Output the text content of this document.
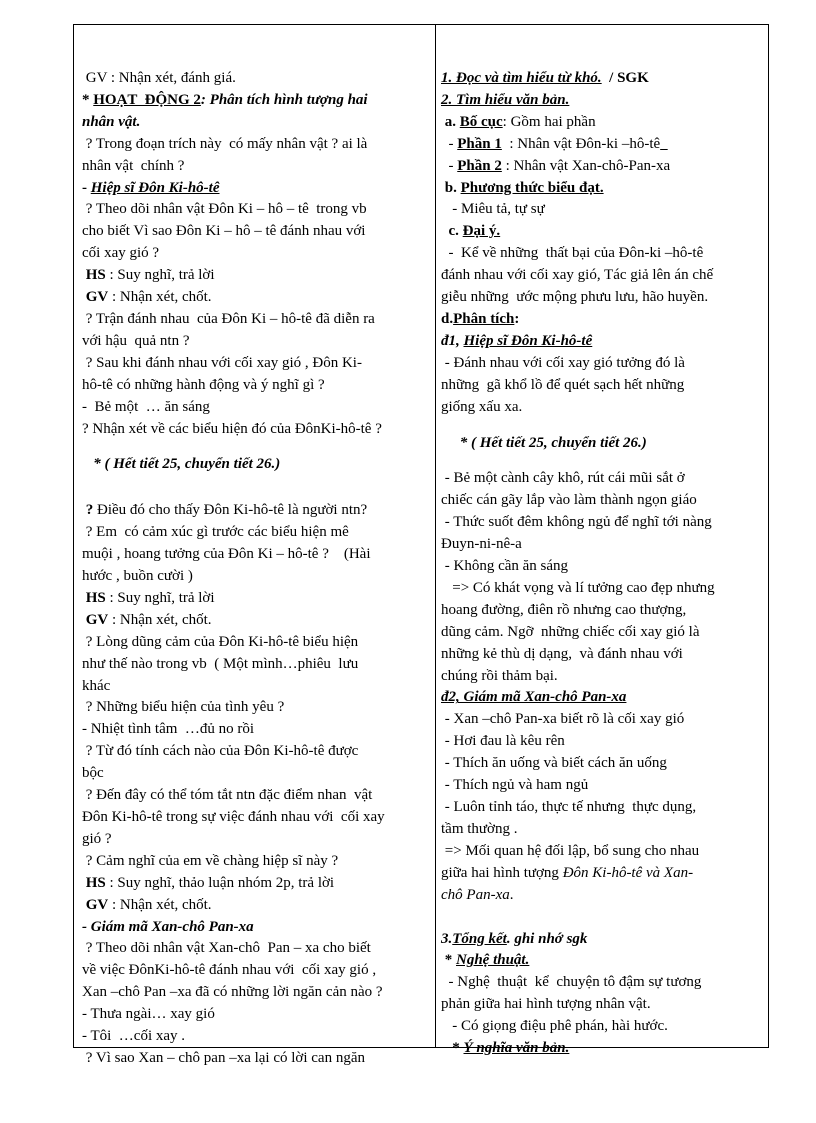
GV : Nhận xét, đánh giá.
* HOẠT  ĐỘNG 2: Phân tích hình tượng hai
nhân vật.
? Trong đoạn trích này  có mấy nhân vật ? ai là
nhân vật  chính ?
- Hiệp sĩ Đôn Ki-hô-tê
? Theo dõi nhân vật Đôn Ki – hô – tê  trong vb
cho biết Vì sao Đôn Ki – hô – tê đánh nhau với
cối xay gió ?
HS : Suy nghĩ, trả lời
GV : Nhận xét, chốt.
? Trận đánh nhau  của Đôn Ki – hô-tê đã diễn ra
với hậu  quả ntn ?
? Sau khi đánh nhau với cối xay gió , Đôn Ki-
hô-tê có những hành động và ý nghĩ gì ?
-  Bẻ một  … ăn sáng
? Nhận xét về các biểu hiện đó của ĐônKi-hô-tê ?
* ( Hết tiết 25, chuyển tiết 26.)
? Điều đó cho thấy Đôn Ki-hô-tê là người ntn?
? Em  có cảm xúc gì trước các biểu hiện mê
muội , hoang tưởng của Đôn Ki – hô-tê ?    (Hài
hước , buồn cười )
HS : Suy nghĩ, trả lời
GV : Nhận xét, chốt.
? Lòng dũng cảm của Đôn Ki-hô-tê biểu hiện
như thế nào trong vb  ( Một mình…phiêu  lưu
khác
? Những biểu hiện của tình yêu ?
- Nhiệt tình tâm  …đủ no rồi
? Từ đó tính cách nào của Đôn Ki-hô-tê được
bộc
? Đến đây có thể tóm tắt ntn đặc điểm nhan  vật
Đôn Ki-hô-tê trong sự việc đánh nhau với  cối xay
gió ?
? Cảm nghĩ của em về chàng hiệp sĩ này ?
HS : Suy nghĩ, thảo luận nhóm 2p, trả lời
GV : Nhận xét, chốt.
- Giám mã Xan-chô Pan-xa
? Theo dõi nhân vật Xan-chô  Pan – xa cho biết
về việc ĐônKi-hô-tê đánh nhau với  cối xay gió ,
Xan –chô Pan –xa đã có những lời ngăn cản nào ?
- Thưa ngài… xay gió
- Tôi  …cối xay .
? Vì sao Xan – chô pan –xa lại có lời can ngăn
1. Đọc và tìm hiểu từ khó.  / SGK
2. Tìm hiểu văn bản.
a. Bố cục: Gồm hai phần
- Phần 1  : Nhân vật Đôn-ki –hô-tê
- Phần 2 : Nhân vật Xan-chô-Pan-xa
b. Phương thức biểu đạt.
- Miêu tả, tự sự
c. Đại ý.
-  Kể về những  thất bại của Đôn-ki –hô-tê
đánh nhau với cối xay gió, Tác giả lên án chế
giễu những  ước mộng phưu lưu, hão huyền.
d.Phân tích:
đ1, Hiệp sĩ Đôn Ki-hô-tê
- Đánh nhau với cối xay gió tưởng đó là
những  gã khổ lồ để quét sạch hết những
giống xấu xa.
* ( Hết tiết 25, chuyển tiết 26.)
- Bẻ một cành cây khô, rút cái mũi sắt ở
chiếc cán gãy lắp vào làm thành ngọn giáo
- Thức suốt đêm không ngủ để nghĩ tới nàng
Đuyn-ni-nê-a
- Không cần ăn sáng
=> Có khát vọng và lí tưởng cao đẹp nhưng
hoang đường, điên rồ nhưng cao thượng,
dũng cảm. Ngỡ  những chiếc cối xay gió là
những kẻ thù dị dạng,  và đánh nhau với
chúng rồi thảm bại.
đ2, Giám mã Xan-chô Pan-xa
- Xan –chô Pan-xa biết rõ là cối xay gió
- Hơi đau là kêu rên
- Thích ăn uống và biết cách ăn uống
- Thích ngủ và ham ngủ
- Luôn tỉnh táo, thực tế nhưng  thực dụng,
tầm thường .
=> Mối quan hệ đối lập, bổ sung cho nhau
giữa hai hình tượng Đôn Ki-hô-tê và Xan-
chô Pan-xa.
3.Tổng kết. ghi nhớ sgk
* Nghệ thuật.
- Nghệ  thuật  kể  chuyện tô đậm sự tương
phản giữa hai hình tượng nhân vật.
- Có giọng điệu phê phán, hài hước.
* Ý nghĩa văn bản.
